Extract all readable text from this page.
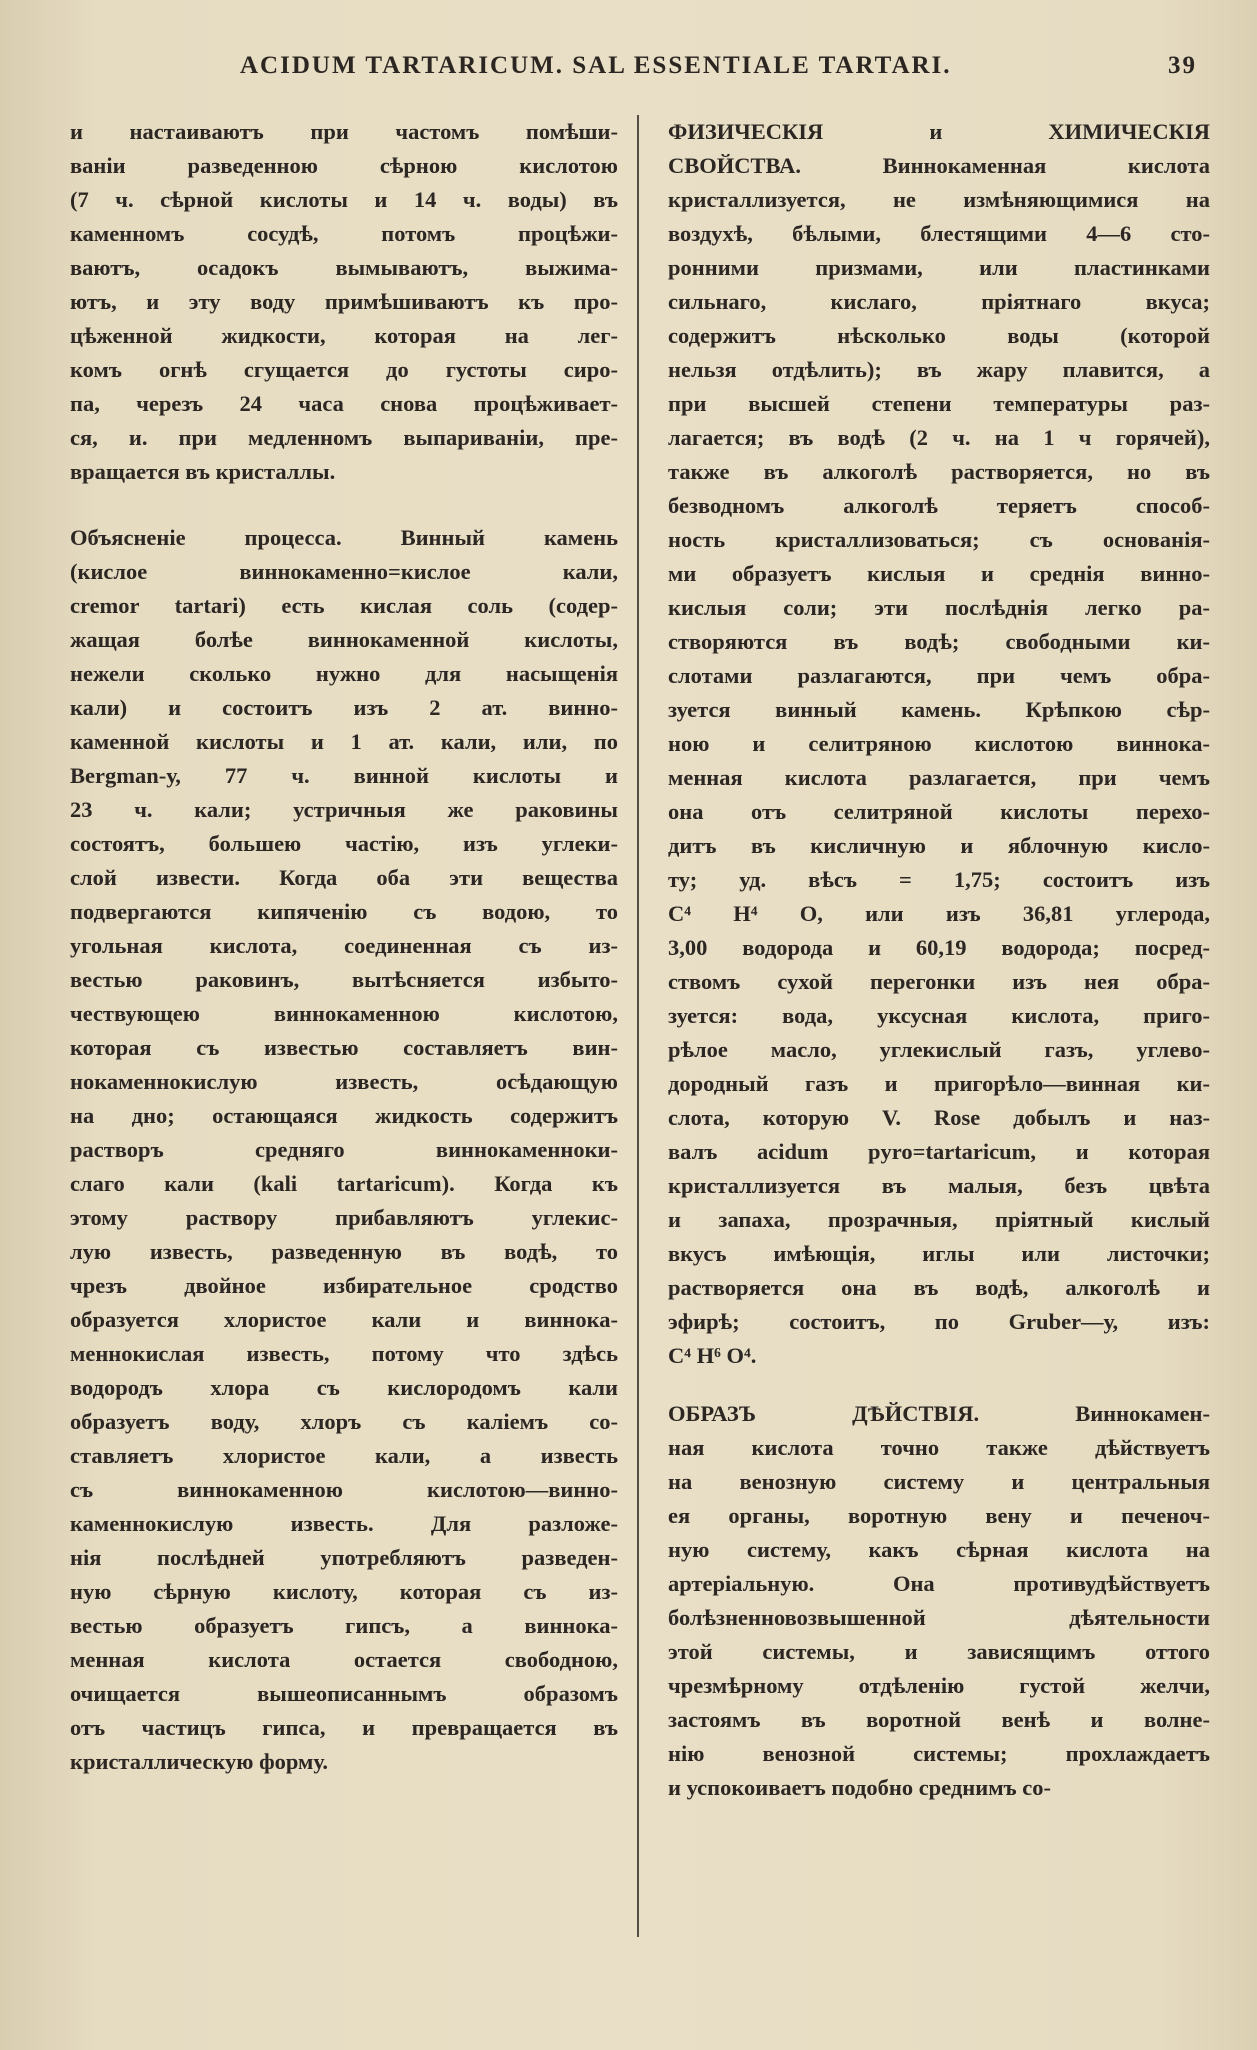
ACIDUM TARTARICUM. SAL ESSENTIALE TARTARI.	39
и настаиваютъ при частомъ помѣши-
ваніи разведенною сѣрною кислотою
(7 ч. сѣрной кислоты и 14 ч. воды) въ
каменномъ сосудѣ, потомъ процѣжи-
ваютъ, осадокъ вымываютъ, выжима-
ютъ, и эту воду примѣшиваютъ къ про-
цѣженной жидкости, которая на лег-
комъ огнѣ сгущается до густоты сиро-
па, черезъ 24 часа снова процѣживает-
ся, и. при медленномъ выпариваніи, пре-
вращается въ кристаллы.
Объясненіе процесса. Винный камень
(кислое виннокаменно=кислое кали,
cremor tartari) есть кислая соль (содер-
жащая болѣе виннокаменной кислоты,
нежели сколько нужно для насыщенія
кали) и состоитъ изъ 2 ат. винно-
каменной кислоты и 1 ат. кали, или, по
Bergman-у, 77 ч. винной кислоты и
23 ч. кали; устричныя же раковины
состоятъ, большею частію, изъ углеки-
слой извести. Когда оба эти вещества
подвергаются кипяченію съ водою, то
угольная кислота, соединенная съ из-
вестью раковинъ, вытѣсняется избыто-
чествующею виннокаменною кислотою,
которая съ известью составляетъ вин-
нокаменнокислую известь, осѣдающую
на дно; остающаяся жидкость содержитъ
растворъ средняго виннокаменноки-
слаго кали (kali tartaricum). Когда къ
этому раствору прибавляютъ углекис-
лую известь, разведенную въ водѣ, то
чрезъ двойное избирательное сродство
образуется хлористое кали и виннока-
меннокислая известь, потому что здѣсь
водородъ хлора съ кислородомъ кали
образуетъ воду, хлоръ съ каліемъ со-
ставляетъ хлористое кали, а известь
съ виннокаменною кислотою—винно-
каменнокислую известь. Для разложе-
нія послѣдней употребляютъ разведен-
ную сѣрную кислоту, которая съ из-
вестью образуетъ гипсъ, а виннока-
менная кислота остается свободною,
очищается вышеописаннымъ образомъ
отъ частицъ гипса, и превращается въ
кристаллическую форму.
ФИЗИЧЕСКІЯ и ХИМИЧЕСКІЯ
СВОЙСТВА. Виннокаменная кислота
кристаллизуется, не измѣняющимися на
воздухѣ, бѣлыми, блестящими 4—6 сто-
ронними призмами, или пластинками
сильнаго, кислаго, пріятнаго вкуса;
содержитъ нѣсколько воды (которой
нельзя отдѣлить); въ жару плавится, а
при высшей степени температуры раз-
лагается; въ водѣ (2 ч. на 1 ч горячей),
также въ алкоголѣ растворяется, но въ
безводномъ алкоголѣ теряетъ способ-
ность кристаллизоваться; съ основанія-
ми образуетъ кислыя и среднія винно-
кислыя соли; эти послѣднія легко ра-
створяются въ водѣ; свободными ки-
слотами разлагаются, при чемъ обра-
зуется винный камень. Крѣпкою сѣр-
ною и селитряною кислотою виннока-
менная кислота разлагается, при чемъ
она отъ селитряной кислоты перехо-
дитъ въ кисличную и яблочную кисло-
ту; уд. вѣсъ = 1,75; состоитъ изъ
C⁴ H⁴ O, или изъ 36,81 углерода,
3,00 водорода и 60,19 водорода; посред-
ствомъ сухой перегонки изъ нея обра-
зуется: вода, уксусная кислота, приго-
рѣлое масло, углекислый газъ, углево-
дородный газъ и пригорѣло—винная ки-
слота, которую V. Rose добылъ и наз-
валъ acidum pyro=tartaricum, и которая
кристаллизуется въ малыя, безъ цвѣта
и запаха, прозрачныя, пріятный кислый
вкусъ имѣющія, иглы или листочки;
растворяется она въ водѣ, алкоголѣ и
эфирѣ; состоитъ, по Gruber—у, изъ:
C⁴ H⁶ O⁴.
ОБРАЗЪ ДѢЙСТВІЯ. Виннокамен-
ная кислота точно также дѣйствуетъ
на венозную систему и центральныя
ея органы, воротную вену и печеноч-
ную систему, какъ сѣрная кислота на
артеріальную. Она противудѣйствуетъ
болѣзненновозвышенной дѣятельности
этой системы, и зависящимъ оттого
чрезмѣрному отдѣленію густой желчи,
застоямъ въ воротной венѣ и волне-
нію венозной системы; прохлаждаетъ
и успокоиваетъ подобно среднимъ со-
